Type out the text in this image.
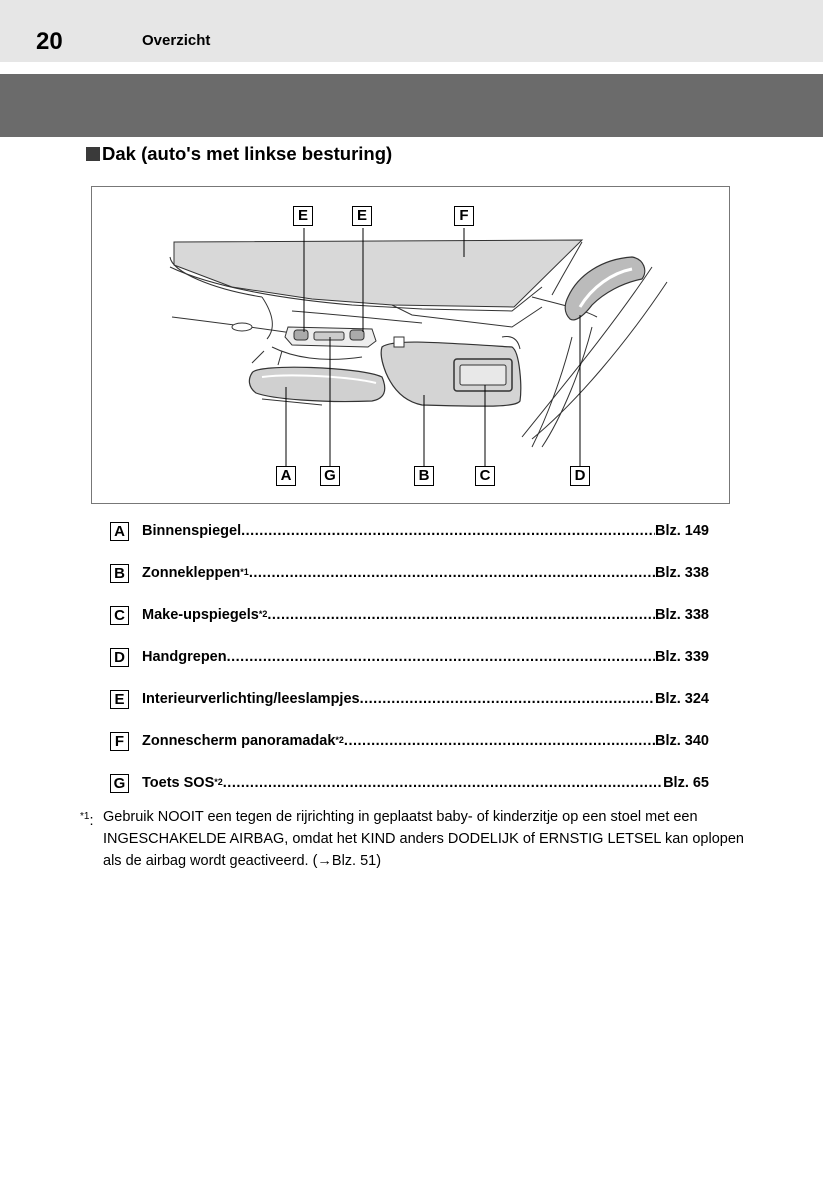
20	Overzicht
Dak (auto's met linkse besturing)
E	E	F
A	G	B	C	D
A Binnenspiegel .....	Blz. 149
B Zonnekleppen$^{*1}$ .....	Blz. 338
C Make-upspiegels$^{*2}$ .....	Blz. 338
D Handgrepen .....	Blz. 339
E	Interieurverlichting/leeslampjes .....	Blz. 324
F	Zonnescherm panoramadak$^{*2}$ .....	Blz. 340
G Toets SOS$^{*2}$ .....	Blz. 65
$^{*1}$: Gebruik NOOIT een tegen de rijrichting in geplaatst baby- of kinderzitje op een stoel met een INGESCHAKELDE AIRBAG, omdat het KIND anders DODELIJK of ERNSTIG LETSEL kan oplopen als de airbag wordt geactiveerd. (→Blz. 51)
